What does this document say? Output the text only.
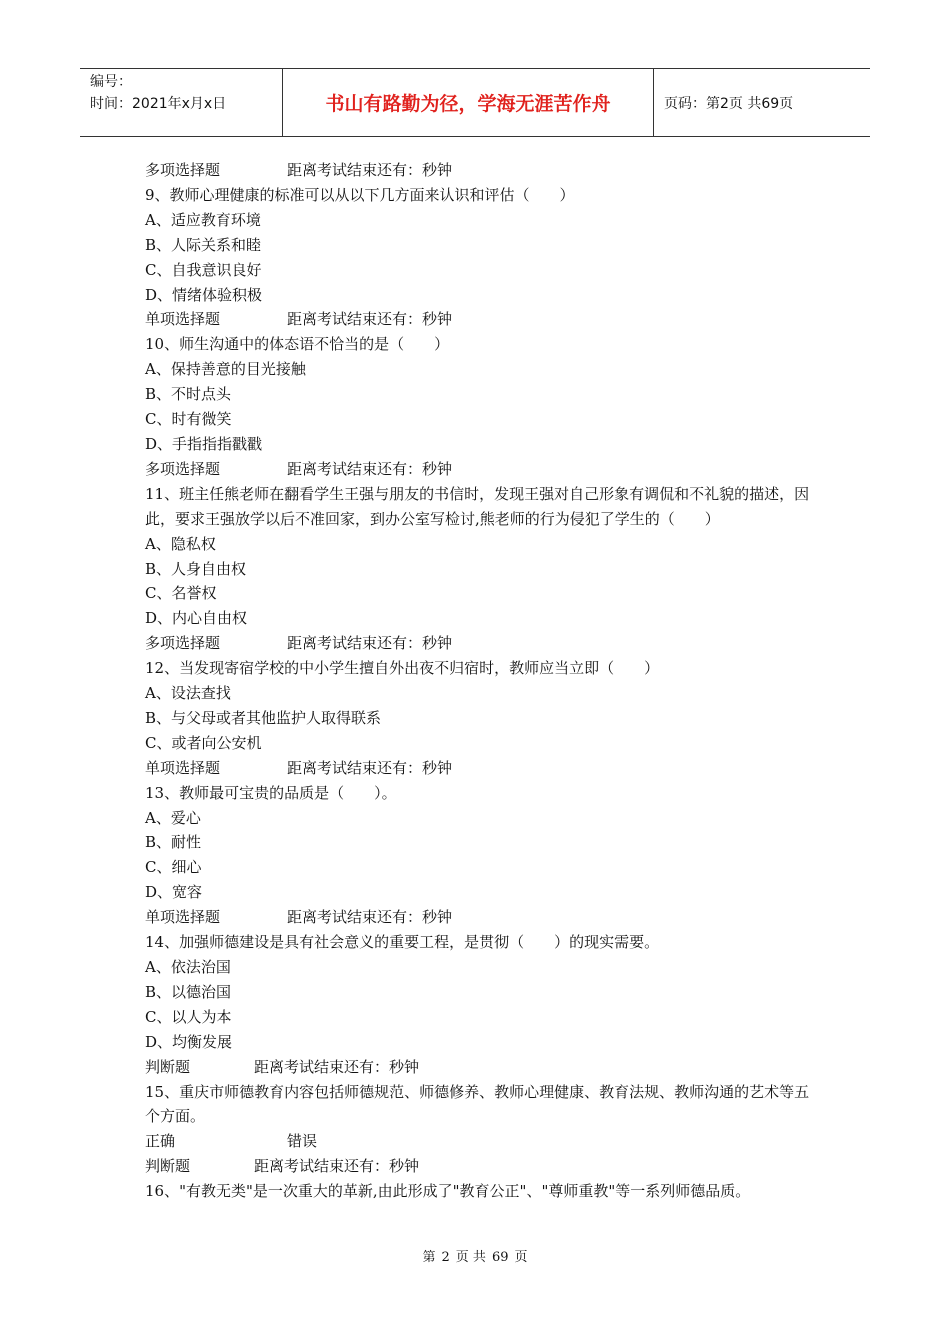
编号：
时间：2021年x月x日	书山有路勤为径，学海无涯苦作舟	页码：第2页 共69页
多项选择题	距离考试结束还有：秒钟
9、教师心理健康的标准可以从以下几方面来认识和评估（　　）
A、适应教育环境
B、人际关系和睦
C、自我意识良好
D、情绪体验积极
单项选择题	距离考试结束还有：秒钟
10、师生沟通中的体态语不恰当的是（　　）
A、保持善意的目光接触
B、不时点头
C、时有微笑
D、手指指指戳戳
多项选择题	距离考试结束还有：秒钟
11、班主任熊老师在翻看学生王强与朋友的书信时，发现王强对自己形象有调侃和不礼貌的描述，因此，要求王强放学以后不准回家，到办公室写检讨,熊老师的行为侵犯了学生的（　　）
A、隐私权
B、人身自由权
C、名誉权
D、内心自由权
多项选择题	距离考试结束还有：秒钟
12、当发现寄宿学校的中小学生擅自外出夜不归宿时，教师应当立即（　　）
A、设法查找
B、与父母或者其他监护人取得联系
C、或者向公安机
单项选择题	距离考试结束还有：秒钟
13、教师最可宝贵的品质是（　　）。
A、爱心
B、耐性
C、细心
D、宽容
单项选择题	距离考试结束还有：秒钟
14、加强师德建设是具有社会意义的重要工程，是贯彻（　　）的现实需要。
A、依法治国
B、以德治国
C、以人为本
D、均衡发展
判断题	距离考试结束还有：秒钟
15、重庆市师德教育内容包括师德规范、师德修养、教师心理健康、教育法规、教师沟通的艺术等五个方面。
正确	错误
判断题	距离考试结束还有：秒钟
16、"有教无类"是一次重大的革新,由此形成了"教育公正"、"尊师重教"等一系列师德品质。
第 2 页 共 69 页
